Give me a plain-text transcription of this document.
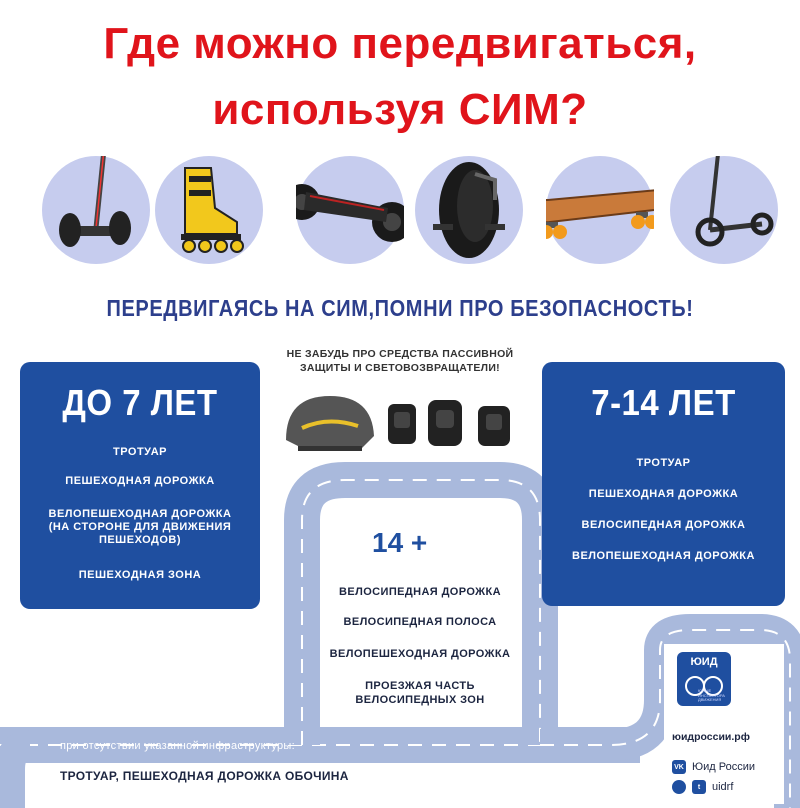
Где можно передвигаться,
используя СИМ?
ПЕРЕДВИГАЯСЬ НА СИМ,ПОМНИ ПРО БЕЗОПАСНОСТЬ!
НЕ ЗАБУДЬ ПРО СРЕДСТВА ПАССИВНОЙ
ЗАЩИТЫ И СВЕТОВОЗВРАЩАТЕЛИ!
ДО 7 ЛЕТ
ТРОТУАР
ПЕШЕХОДНАЯ ДОРОЖКА
ВЕЛОПЕШЕХОДНАЯ ДОРОЖКА
(НА СТОРОНЕ ДЛЯ ДВИЖЕНИЯ
ПЕШЕХОДОВ)
ПЕШЕХОДНАЯ ЗОНА
7-14 ЛЕТ
ТРОТУАР
ПЕШЕХОДНАЯ ДОРОЖКА
ВЕЛОСИПЕДНАЯ ДОРОЖКА
ВЕЛОПЕШЕХОДНАЯ ДОРОЖКА
14 +
ВЕЛОСИПЕДНАЯ ДОРОЖКА
ВЕЛОСИПЕДНАЯ ПОЛОСА
ВЕЛОПЕШЕХОДНАЯ ДОРОЖКА
ПРОЕЗЖАЯ ЧАСТЬ
ВЕЛОСИПЕДНЫХ ЗОН
при отсутствии указанной инфраструктуры:
ТРОТУАР, ПЕШЕХОДНАЯ ДОРОЖКА ОБОЧИНА
ЮИД
ЮНЫЕ ИНСПЕКТОРА ДВИЖЕНИЯ
юидроссии.рф
VK Юид России
t	uidrf
